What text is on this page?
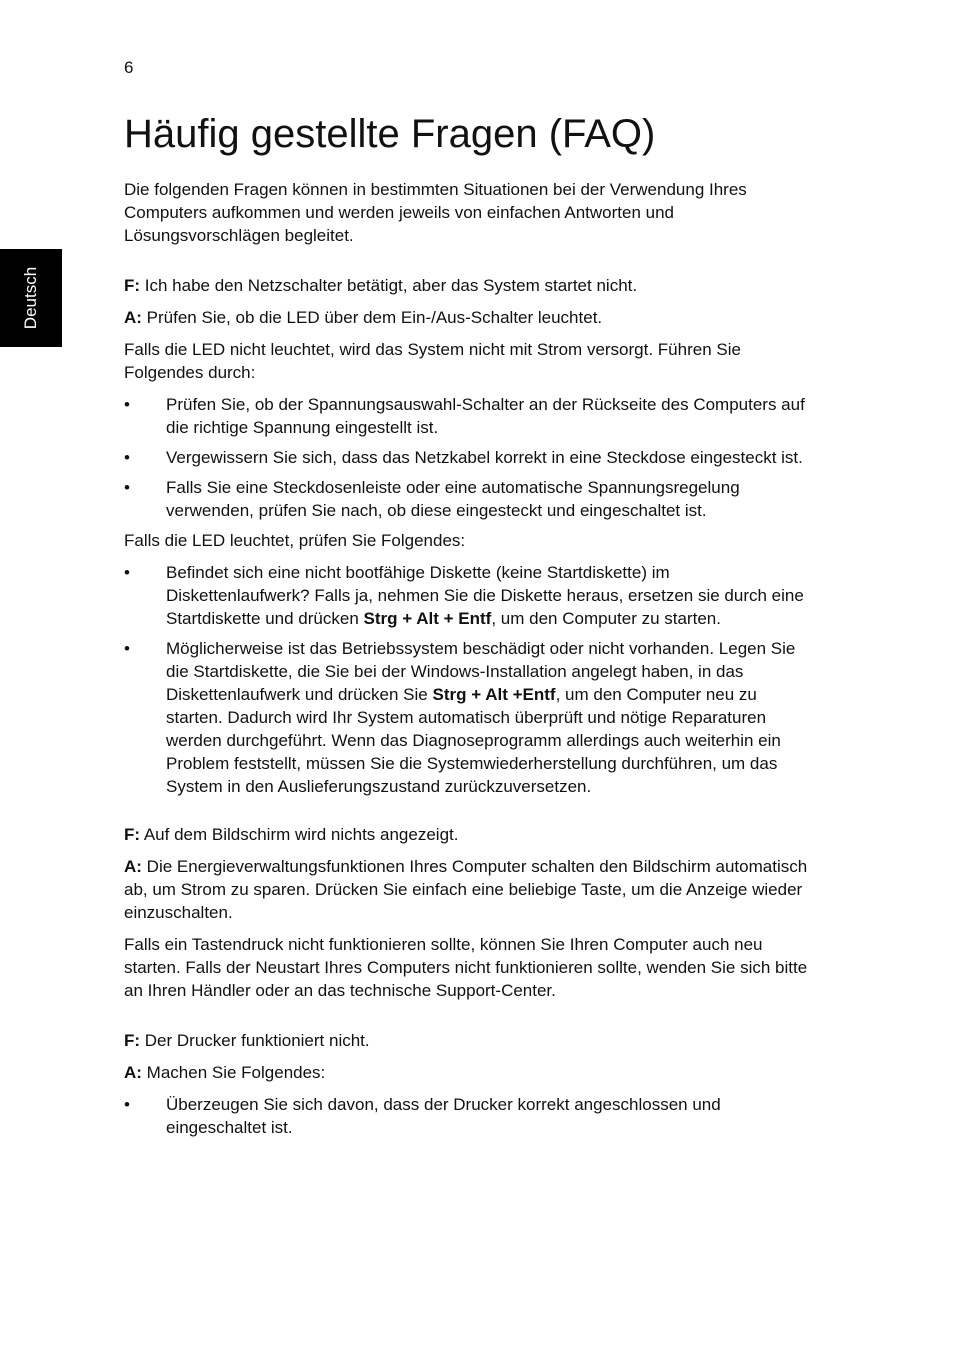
6
Deutsch
Häufig gestellte Fragen (FAQ)

Die folgenden Fragen können in bestimmten Situationen bei der Verwendung Ihres Computers aufkommen und werden jeweils von einfachen Antworten und Lösungsvorschlägen begleitet.

F: Ich habe den Netzschalter betätigt, aber das System startet nicht.

A: Prüfen Sie, ob die LED über dem Ein-/Aus-Schalter leuchtet.

Falls die LED nicht leuchtet, wird das System nicht mit Strom versorgt. Führen Sie Folgendes durch:

• Prüfen Sie, ob der Spannungsauswahl-Schalter an der Rückseite des Computers auf die richtige Spannung eingestellt ist.
• Vergewissern Sie sich, dass das Netzkabel korrekt in eine Steckdose eingesteckt ist.
• Falls Sie eine Steckdosenleiste oder eine automatische Spannungsregelung verwenden, prüfen Sie nach, ob diese eingesteckt und eingeschaltet ist.

Falls die LED leuchtet, prüfen Sie Folgendes:

• Befindet sich eine nicht bootfähige Diskette (keine Startdiskette) im Diskettenlaufwerk? Falls ja, nehmen Sie die Diskette heraus, ersetzen sie durch eine Startdiskette und drücken Strg + Alt + Entf, um den Computer zu starten.
• Möglicherweise ist das Betriebssystem beschädigt oder nicht vorhanden. Legen Sie die Startdiskette, die Sie bei der Windows-Installation angelegt haben, in das Diskettenlaufwerk und drücken Sie Strg + Alt +Entf, um den Computer neu zu starten. Dadurch wird Ihr System automatisch überprüft und nötige Reparaturen werden durchgeführt. Wenn das Diagnoseprogramm allerdings auch weiterhin ein Problem feststellt, müssen Sie die Systemwiederherstellung durchführen, um das System in den Auslieferungszustand zurückzuversetzen.

F: Auf dem Bildschirm wird nichts angezeigt.

A: Die Energieverwaltungsfunktionen Ihres Computer schalten den Bildschirm automatisch ab, um Strom zu sparen. Drücken Sie einfach eine beliebige Taste, um die Anzeige wieder einzuschalten.

Falls ein Tastendruck nicht funktionieren sollte, können Sie Ihren Computer auch neu starten. Falls der Neustart Ihres Computers nicht funktionieren sollte, wenden Sie sich bitte an Ihren Händler oder an das technische Support-Center.

F: Der Drucker funktioniert nicht.

A: Machen Sie Folgendes:

• Überzeugen Sie sich davon, dass der Drucker korrekt angeschlossen und eingeschaltet ist.
